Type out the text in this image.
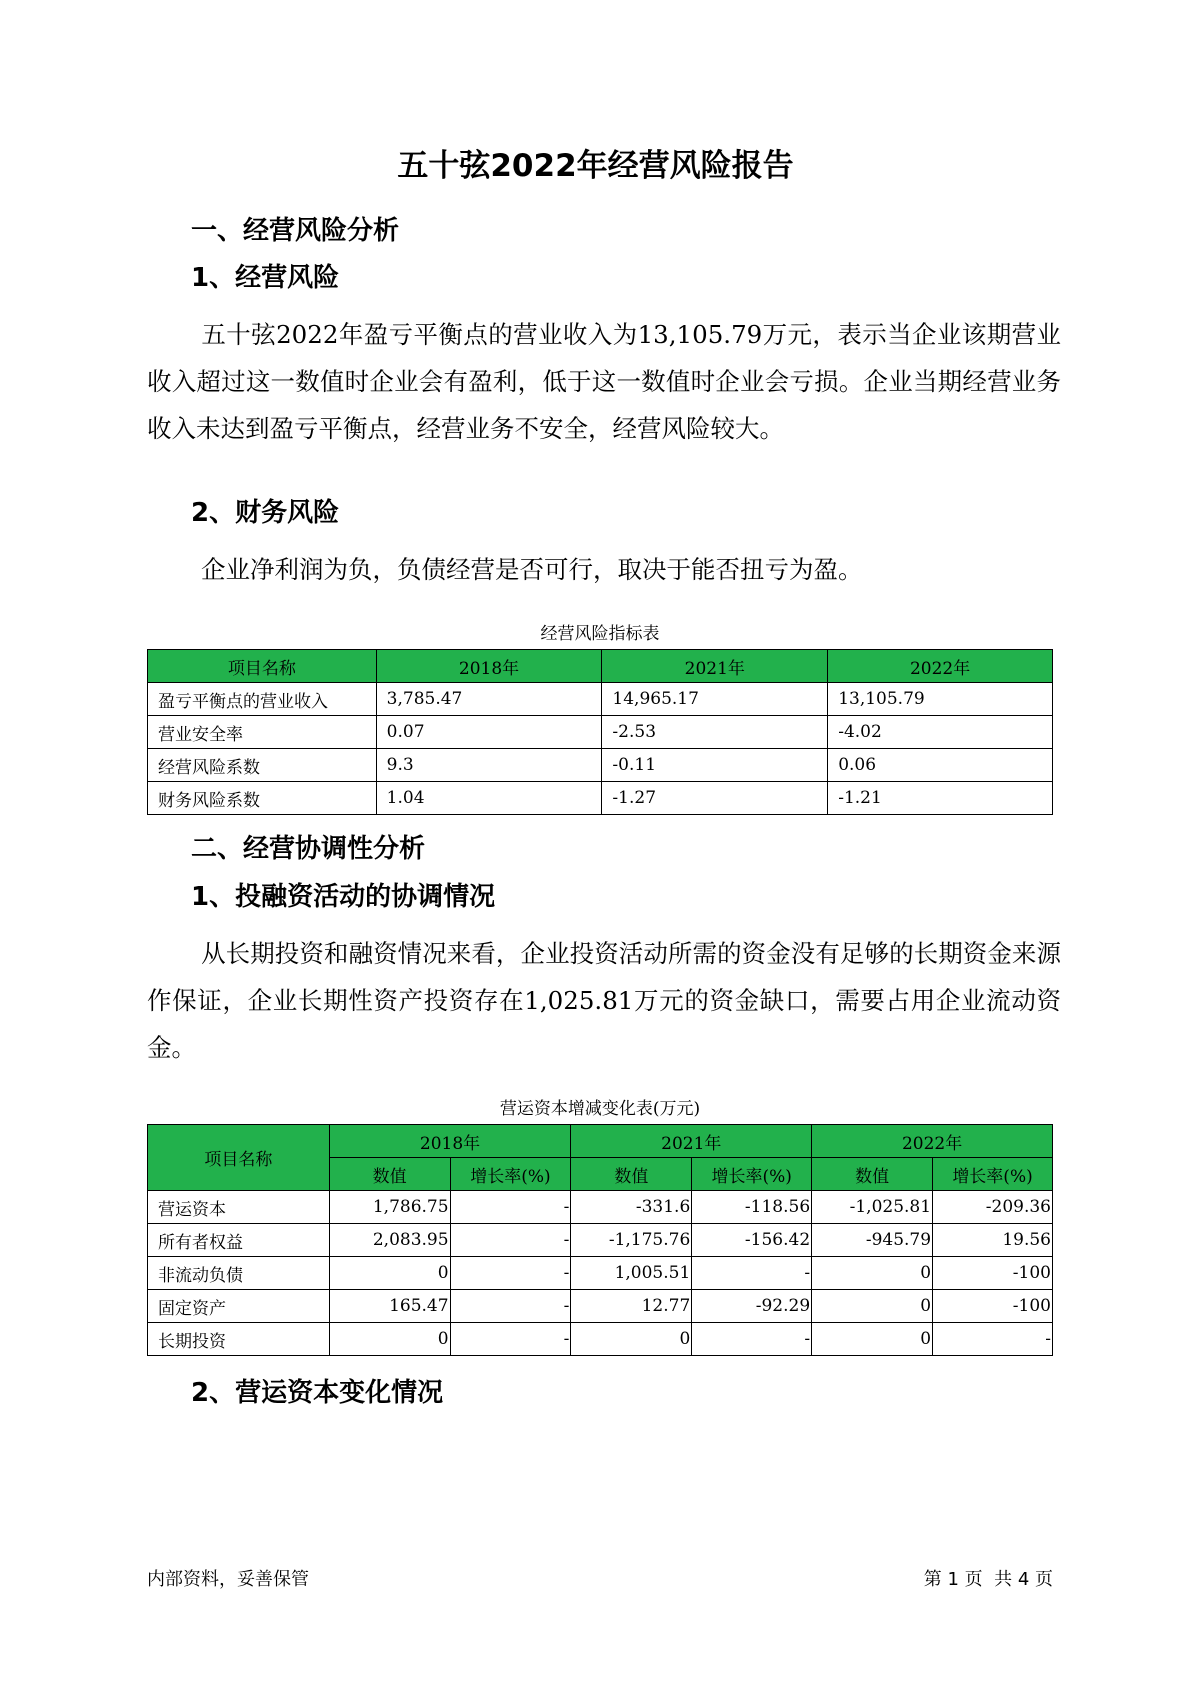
五十弦2022年经营风险报告
一、经营风险分析
1、经营风险

五十弦2022年盈亏平衡点的营业收入为13,105.79万元，表示当企业该期营业收入超过这一数值时企业会有盈利，低于这一数值时企业会亏损。企业当期经营业务收入未达到盈亏平衡点，经营业务不安全，经营风险较大。

2、财务风险

企业净利润为负，负债经营是否可行，取决于能否扭亏为盈。

经营风险指标表

项目名称	2018年	2021年	2022年
盈亏平衡点的营业收入	3,785.47	14,965.17	13,105.79
营业安全率	0.07	-2.53	-4.02
经营风险系数	9.3	-0.11	0.06
财务风险系数	1.04	-1.27	-1.21
二、经营协调性分析
1、投融资活动的协调情况

从长期投资和融资情况来看，企业投资活动所需的资金没有足够的长期资金来源作保证，企业长期性资产投资存在1,025.81万元的资金缺口，需要占用企业流动资金。

营运资本增减变化表(万元)

项目名称	2018年		2021年		2022年	
	数值	增长率(%)	数值	增长率(%)	数值	增长率(%)
营运资本	1,786.75	-	-331.6	-118.56	-1,025.81	-209.36
所有者权益	2,083.95	-	-1,175.76	-156.42	-945.79	19.56
非流动负债	0	-	1,005.51	-	0	-100
固定资产	165.47	-	12.77	-92.29	0	-100
长期投资	0	-	0	-	0	-
2、营运资本变化情况

内部资料，妥善保管	第 1 页  共 4 页
